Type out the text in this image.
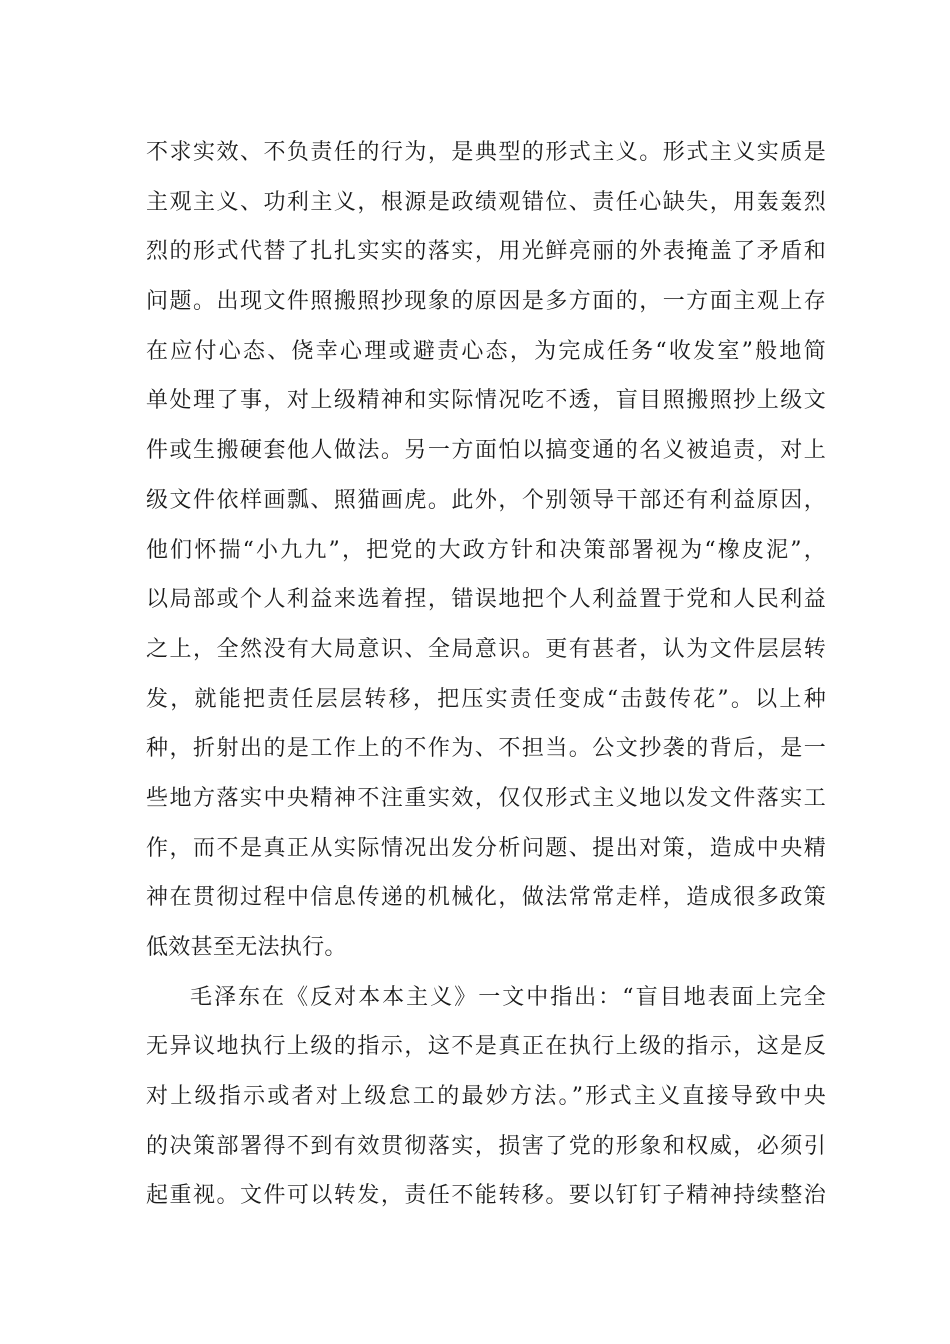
不求实效、不负责任的行为，是典型的形式主义。形式主义实质是
主观主义、功利主义，根源是政绩观错位、责任心缺失，用轰轰烈
烈的形式代替了扎扎实实的落实，用光鲜亮丽的外表掩盖了矛盾和
问题。出现文件照搬照抄现象的原因是多方面的，一方面主观上存
在应付心态、侥幸心理或避责心态，为完成任务“收发室”般地简
单处理了事，对上级精神和实际情况吃不透，盲目照搬照抄上级文
件或生搬硬套他人做法。另一方面怕以搞变通的名义被追责，对上
级文件依样画瓢、照猫画虎。此外，个别领导干部还有利益原因，
他们怀揣“小九九”，把党的大政方针和决策部署视为“橡皮泥”，
以局部或个人利益来选着捏，错误地把个人利益置于党和人民利益
之上，全然没有大局意识、全局意识。更有甚者，认为文件层层转
发，就能把责任层层转移，把压实责任变成“击鼓传花”。以上种
种，折射出的是工作上的不作为、不担当。公文抄袭的背后，是一
些地方落实中央精神不注重实效，仅仅形式主义地以发文件落实工
作，而不是真正从实际情况出发分析问题、提出对策，造成中央精
神在贯彻过程中信息传递的机械化，做法常常走样，造成很多政策
低效甚至无法执行。
毛泽东在《反对本本主义》一文中指出：“盲目地表面上完全
无异议地执行上级的指示，这不是真正在执行上级的指示，这是反
对上级指示或者对上级怠工的最妙方法。”形式主义直接导致中央
的决策部署得不到有效贯彻落实，损害了党的形象和权威，必须引
起重视。文件可以转发，责任不能转移。要以钉钉子精神持续整治
